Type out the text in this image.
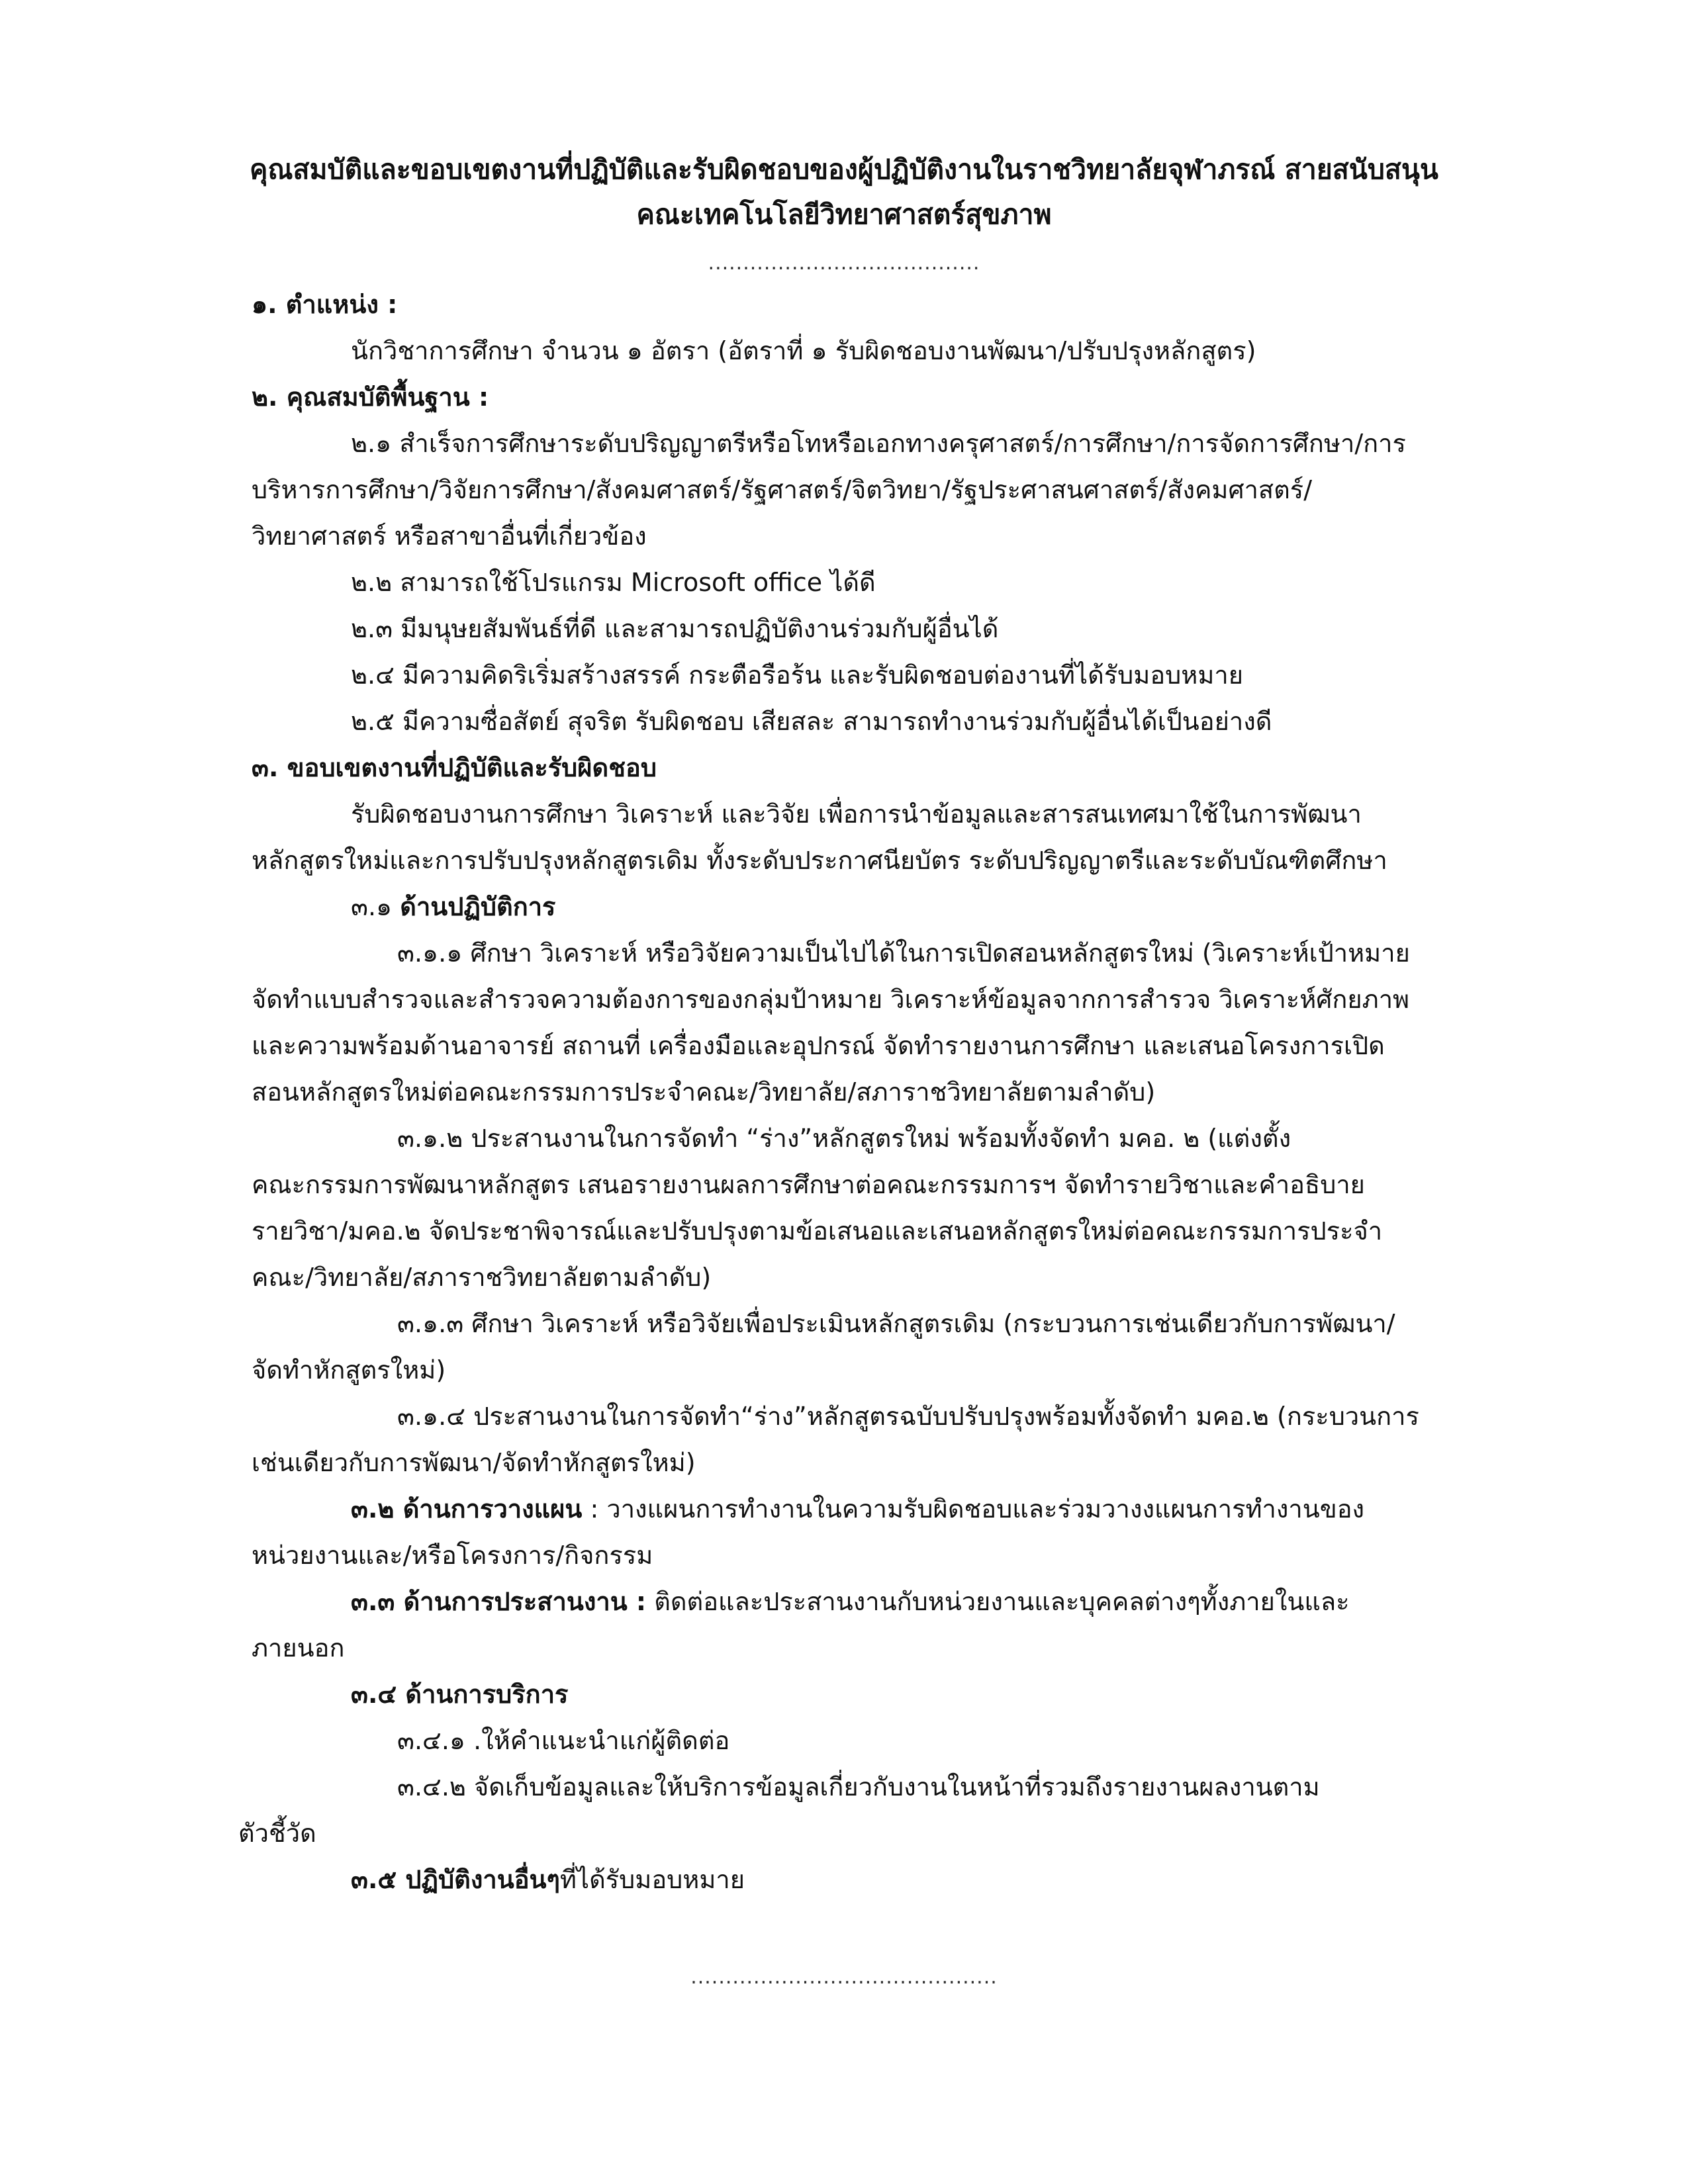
คุณสมบัติและขอบเขตงานที่ปฏิบัติและรับผิดชอบของผู้ปฏิบัติงานในราชวิทยาลัยจุฬาภรณ์ สายสนับสนุน
คณะเทคโนโลยีวิทยาศาสตร์สุขภาพ
.......................................
๑. ตำแหน่ง :
นักวิชาการศึกษา จำนวน ๑ อัตรา (อัตราที่ ๑ รับผิดชอบงานพัฒนา/ปรับปรุงหลักสูตร)
๒. คุณสมบัติพื้นฐาน :
๒.๑ สำเร็จการศึกษาระดับปริญญาตรีหรือโทหรือเอกทางครุศาสตร์/การศึกษา/การจัดการศึกษา/การ
บริหารการศึกษา/วิจัยการศึกษา/สังคมศาสตร์/รัฐศาสตร์/จิตวิทยา/รัฐประศาสนศาสตร์/สังคมศาสตร์/
วิทยาศาสตร์ หรือสาขาอื่นที่เกี่ยวข้อง
๒.๒ สามารถใช้โปรแกรม Microsoft office ได้ดี
๒.๓ มีมนุษยสัมพันธ์ที่ดี และสามารถปฏิบัติงานร่วมกับผู้อื่นได้
๒.๔ มีความคิดริเริ่มสร้างสรรค์ กระตือรือร้น และรับผิดชอบต่องานที่ได้รับมอบหมาย
๒.๕ มีความซื่อสัตย์ สุจริต รับผิดชอบ เสียสละ สามารถทำงานร่วมกับผู้อื่นได้เป็นอย่างดี
๓. ขอบเขตงานที่ปฏิบัติและรับผิดชอบ
รับผิดชอบงานการศึกษา วิเคราะห์ และวิจัย เพื่อการนำข้อมูลและสารสนเทศมาใช้ในการพัฒนา
หลักสูตรใหม่และการปรับปรุงหลักสูตรเดิม ทั้งระดับประกาศนียบัตร ระดับปริญญาตรีและระดับบัณฑิตศึกษา
๓.๑ ด้านปฏิบัติการ
๓.๑.๑ ศึกษา วิเคราะห์ หรือวิจัยความเป็นไปได้ในการเปิดสอนหลักสูตรใหม่ (วิเคราะห์เป้าหมาย
จัดทำแบบสำรวจและสำรวจความต้องการของกลุ่มป้าหมาย วิเคราะห์ข้อมูลจากการสำรวจ วิเคราะห์ศักยภาพ
และความพร้อมด้านอาจารย์ สถานที่ เครื่องมือและอุปกรณ์ จัดทำรายงานการศึกษา และเสนอโครงการเปิด
สอนหลักสูตรใหม่ต่อคณะกรรมการประจำคณะ/วิทยาลัย/สภาราชวิทยาลัยตามลำดับ)
๓.๑.๒ ประสานงานในการจัดทำ “ร่าง”หลักสูตรใหม่ พร้อมทั้งจัดทำ มคอ. ๒ (แต่งตั้ง
คณะกรรมการพัฒนาหลักสูตร เสนอรายงานผลการศึกษาต่อคณะกรรมการฯ จัดทำรายวิชาและคำอธิบาย
รายวิชา/มคอ.๒ จัดประชาพิจารณ์และปรับปรุงตามข้อเสนอและเสนอหลักสูตรใหม่ต่อคณะกรรมการประจำ
คณะ/วิทยาลัย/สภาราชวิทยาลัยตามลำดับ)
๓.๑.๓ ศึกษา วิเคราะห์ หรือวิจัยเพื่อประเมินหลักสูตรเดิม (กระบวนการเช่นเดียวกับการพัฒนา/
จัดทำหักสูตรใหม่)
๓.๑.๔ ประสานงานในการจัดทำ“ร่าง”หลักสูตรฉบับปรับปรุงพร้อมทั้งจัดทำ มคอ.๒ (กระบวนการ
เช่นเดียวกับการพัฒนา/จัดทำหักสูตรใหม่)
๓.๒ ด้านการวางแผน : วางแผนการทำงานในความรับผิดชอบและร่วมวางงแผนการทำงานของ
หน่วยงานและ/หรือโครงการ/กิจกรรม
๓.๓ ด้านการประสานงาน : ติดต่อและประสานงานกับหน่วยงานและบุคคลต่างๆทั้งภายในและ
ภายนอก
๓.๔ ด้านการบริการ
๓.๔.๑ .ให้คำแนะนำแก่ผู้ติดต่อ
๓.๔.๒ จัดเก็บข้อมูลและให้บริการข้อมูลเกี่ยวกับงานในหน้าที่รวมถึงรายงานผลงานตาม
ตัวชี้วัด
๓.๕ ปฏิบัติงานอื่นๆที่ได้รับมอบหมาย
............................................
